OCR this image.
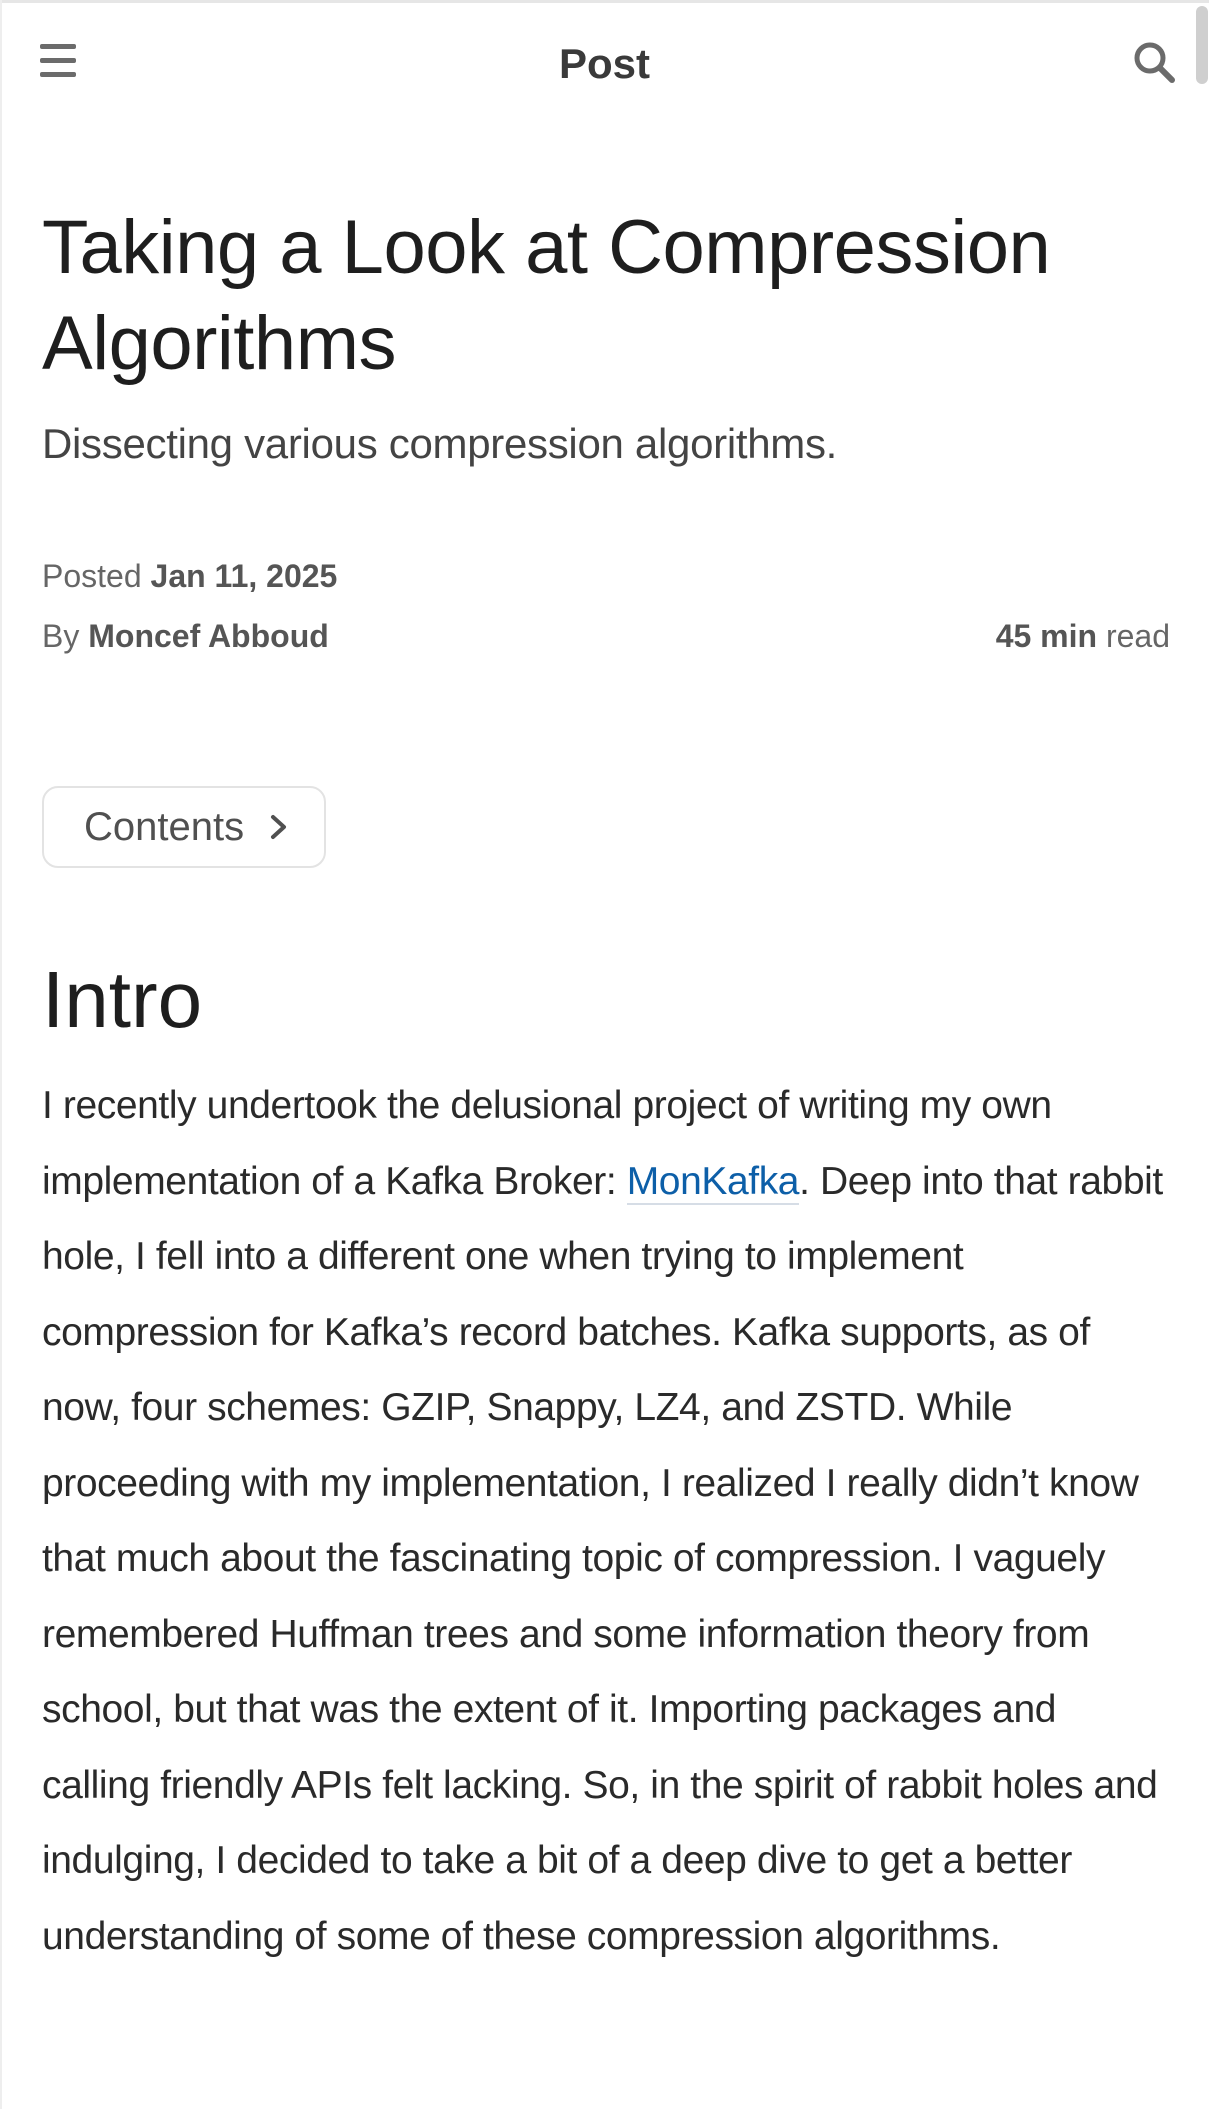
Post
Taking a Look at Compression Algorithms
Dissecting various compression algorithms.
Posted Jan 11, 2025
By Moncef Abboud	45 min read
Contents
Intro

I recently undertook the delusional project of writing my own implementation of a Kafka Broker: MonKafka. Deep into that rabbit hole, I fell into a different one when trying to implement compression for Kafka’s record batches. Kafka supports, as of now, four schemes: GZIP, Snappy, LZ4, and ZSTD. While proceeding with my implementation, I realized I really didn’t know that much about the fascinating topic of compression. I vaguely remembered Huffman trees and some information theory from school, but that was the extent of it. Importing packages and calling friendly APIs felt lacking. So, in the spirit of rabbit holes and indulging, I decided to take a bit of a deep dive to get a better understanding of some of these compression algorithms.
